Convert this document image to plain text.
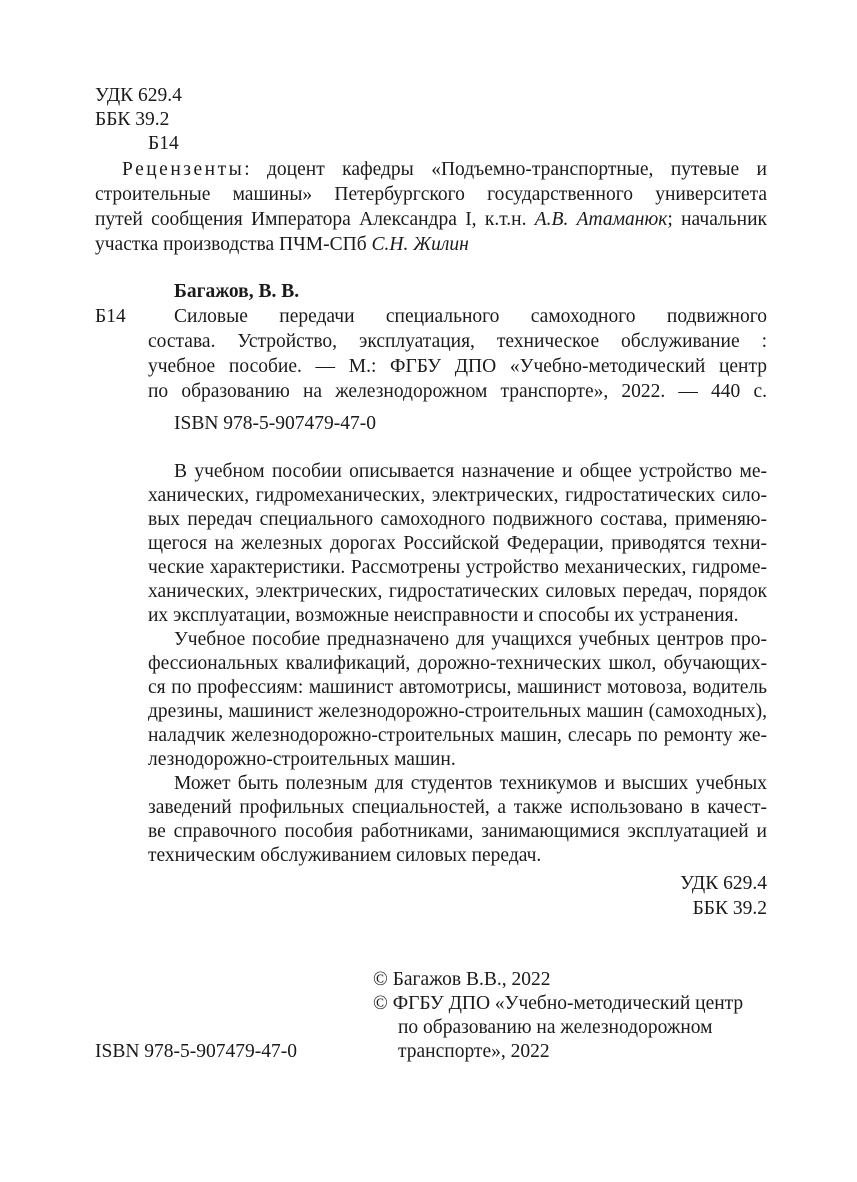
УДК 629.4
ББК 39.2
Б14
Рецензенты: доцент кафедры «Подъемно-транспортные, путевые и
строительные машины» Петербургского государственного университета
путей сообщения Императора Александра I, к.т.н. А.В. Атаманюк; начальник
участка производства ПЧМ-СПб С.Н. Жилин
Багажов, В. В.
Б14 Силовые передачи специального самоходного подвижного
состава. Устройство, эксплуатация, техническое обслуживание :
учебное пособие. — М.: ФГБУ ДПО «Учебно-методический центр
по образованию на железнодорожном транспорте», 2022. — 440 с.
ISBN 978-5-907479-47-0
В учебном пособии описывается назначение и общее устройство ме-
ханических, гидромеханических, электрических, гидростатических сило-
вых передач специального самоходного подвижного состава, применяю-
щегося на железных дорогах Российской Федерации, приводятся техни-
ческие характеристики. Рассмотрены устройство механических, гидроме-
ханических, электрических, гидростатических силовых передач, порядок
их эксплуатации, возможные неисправности и способы их устранения.
Учебное пособие предназначено для учащихся учебных центров про-
фессиональных квалификаций, дорожно-технических школ, обучающих-
ся по профессиям: машинист автомотрисы, машинист мотовоза, водитель
дрезины, машинист железнодорожно-строительных машин (самоходных),
наладчик железнодорожно-строительных машин, слесарь по ремонту же-
лезнодорожно-строительных машин.
Может быть полезным для студентов техникумов и высших учебных
заведений профильных специальностей, а также использовано в качест-
ве справочного пособия работниками, занимающимися эксплуатацией и
техническим обслуживанием силовых передач.
УДК 629.4
ББК 39.2
© Багажов В.В., 2022
© ФГБУ ДПО «Учебно-методический центр
по образованию на железнодорожном
транспорте», 2022
ISBN 978-5-907479-47-0
